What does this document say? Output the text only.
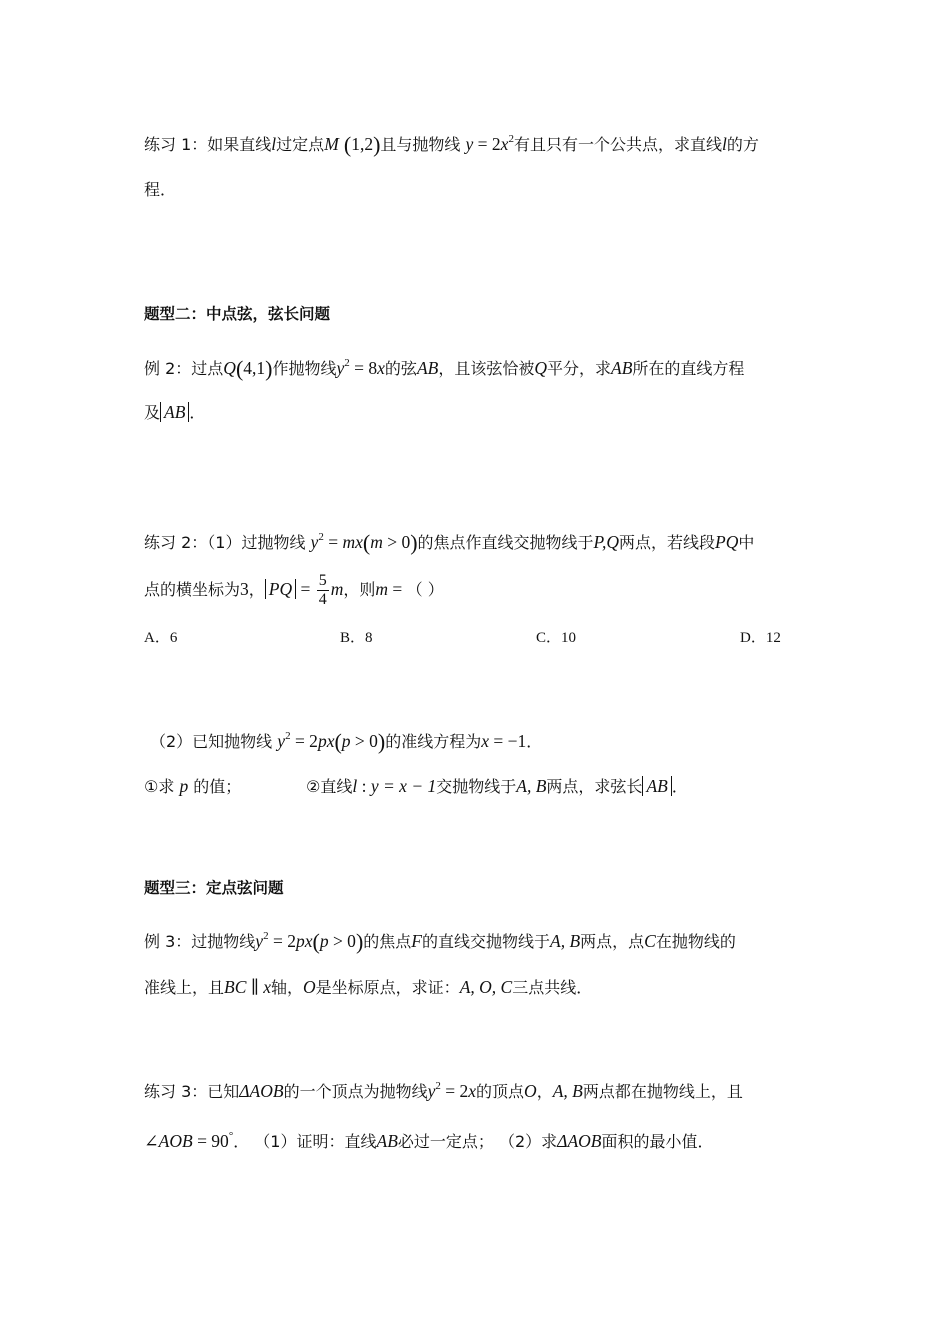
练习 1：如果直线l过定点M (1,2)且与抛物线 $y = 2x^2$有且只有一个公共点，求直线l的方
程．
题型二：中点弦，弦长问题
例 2：过点Q(4,1)作抛物线$y^2 = 8x$的弦AB，且该弦恰被Q平分，求AB所在的直线方程
及 AB ．
练习 2：（1）过抛物线 $y^2 = mx(m > 0)$的焦点作直线交抛物线于P,Q两点，若线段PQ中
点的横坐标为3， PQ = $\frac{5}{4}$ m，则m = （ ）
A．6	B．8	C．10	D．12
（2）已知抛物线 $y^2 = 2px(p > 0)$的准线方程为x = −1．
①求 p 的值；	②直线l : y = x − 1交抛物线于A, B两点，求弦长 AB ．
题型三：定点弦问题
例 3：过抛物线$y^2 = 2px(p > 0)$的焦点F的直线交抛物线于A, B两点，点C在抛物线的
准线上，且BC ∥ x轴，O是坐标原点，求证：A, O, C三点共线．
练习 3：已知ΔAOB的一个顶点为抛物线$y^2 = 2x$的顶点O，A, B两点都在抛物线上，且
∠AOB = 90°． （1）证明：直线AB必过一定点； （2）求ΔAOB面积的最小值．
